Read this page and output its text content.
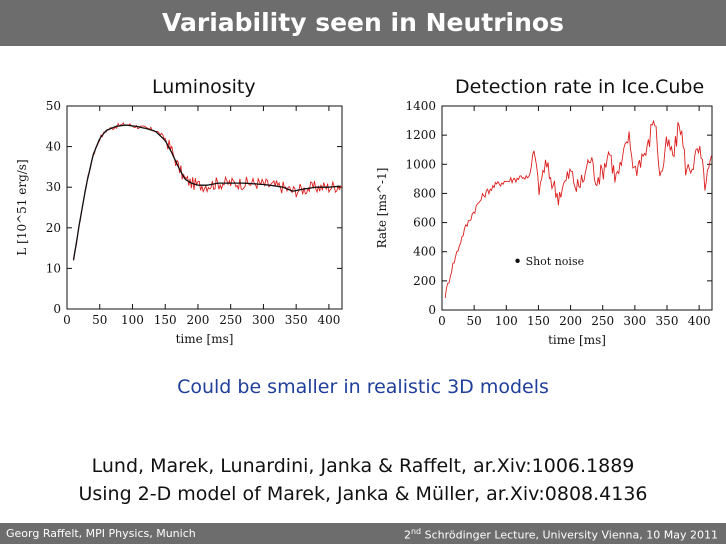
Variability seen in Neutrinos
Luminosity	Detection rate in Ice.Cube
0 50 100 150 200 250 300 350 400
0
10
20
30
40
50
time [ms]
L [10^51 erg/s]
0 50 100 150 200 250 300 350 400
0
200
400
600
800
1000
1200
1400
time [ms]
Rate [ms^-1]
Shot noise
Could be smaller in realistic 3D models
Lund, Marek, Lunardini, Janka & Raffelt, ar.Xiv:1006.1889
Using 2-D model of Marek, Janka & Müller, ar.Xiv:0808.4136
Georg Raffelt, MPI Physics, Munich	2nd Schrödinger Lecture, University Vienna, 10 May 2011
